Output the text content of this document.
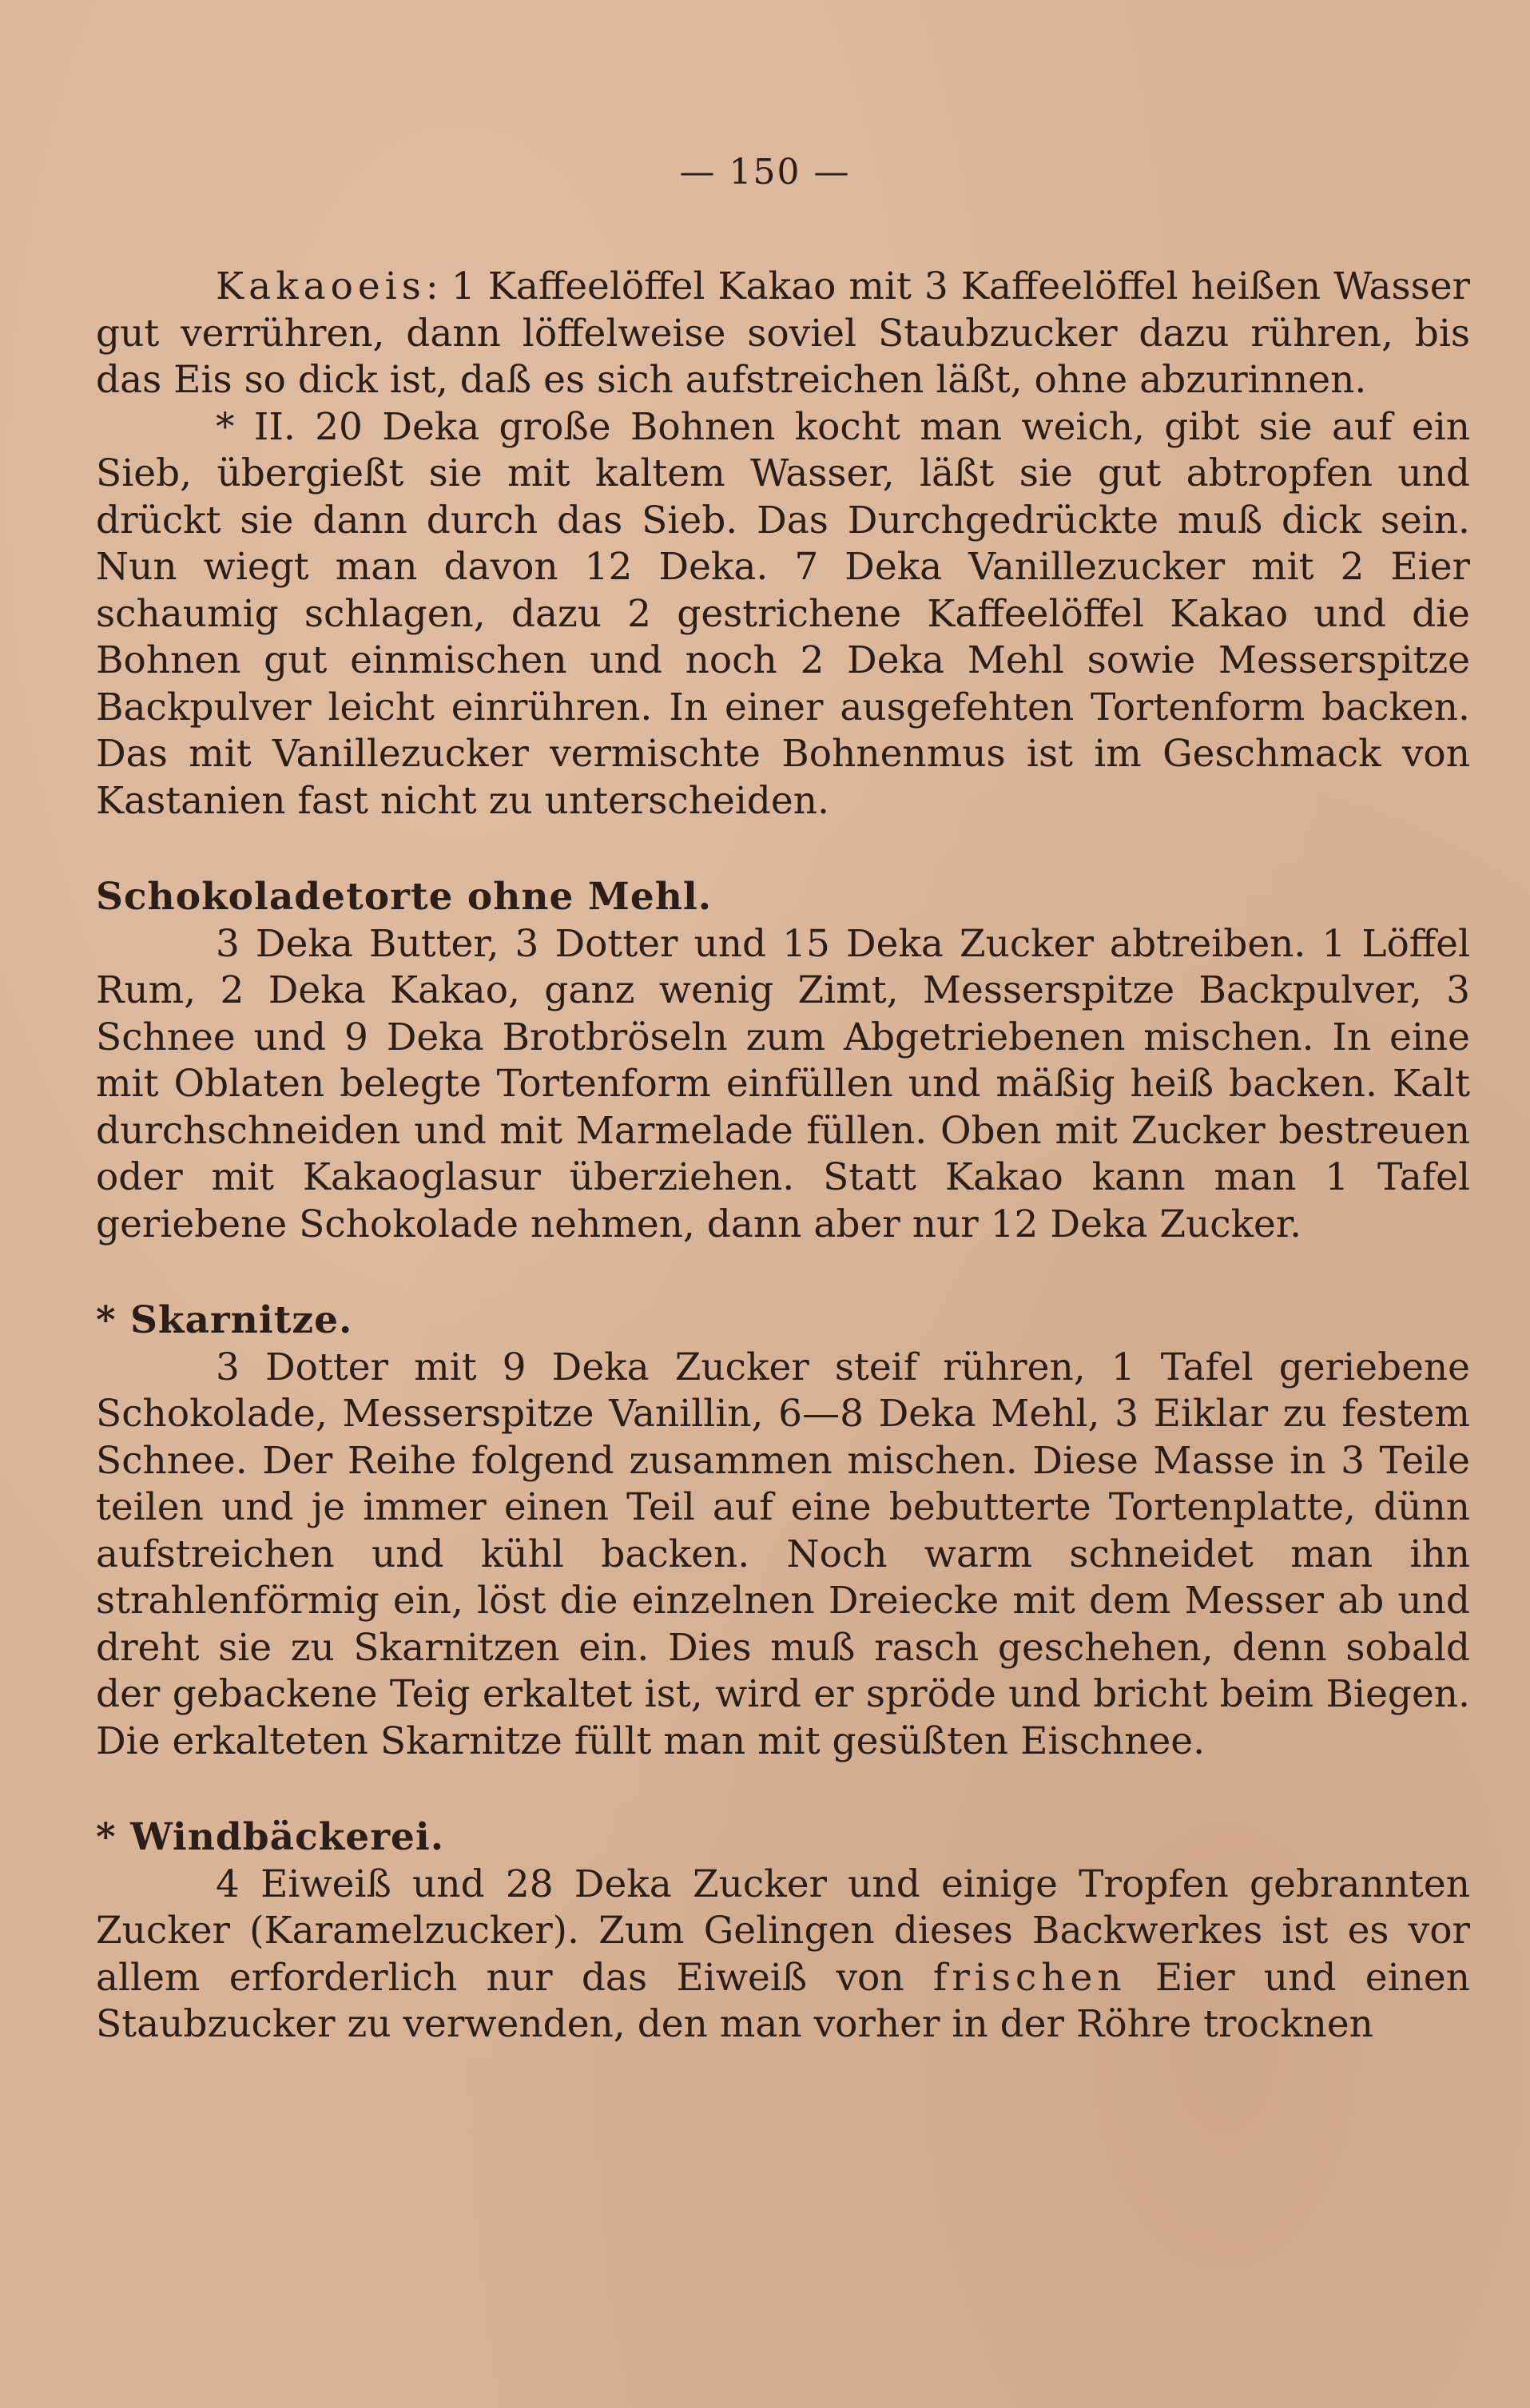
— 150 —

Kakaoeis: 1 Kaffeelöffel Kakao mit 3 Kaffeelöffel heißen Wasser gut verrühren, dann löffelweise soviel Staubzucker dazu rühren, bis das Eis so dick ist, daß es sich aufstreichen läßt, ohne abzurinnen.

* II. 20 Deka große Bohnen kocht man weich, gibt sie auf ein Sieb, übergießt sie mit kaltem Wasser, läßt sie gut abtropfen und drückt sie dann durch das Sieb. Das Durchgedrückte muß dick sein. Nun wiegt man davon 12 Deka. 7 Deka Vanillezucker mit 2 Eier schaumig schlagen, dazu 2 gestrichene Kaffeelöffel Kakao und die Bohnen gut einmischen und noch 2 Deka Mehl sowie Messerspitze Backpulver leicht einrühren. In einer ausgefehten Tortenform backen. Das mit Vanillezucker vermischte Bohnenmus ist im Geschmack von Kastanien fast nicht zu unterscheiden.

Schokoladetorte ohne Mehl.

3 Deka Butter, 3 Dotter und 15 Deka Zucker abtreiben. 1 Löffel Rum, 2 Deka Kakao, ganz wenig Zimt, Messerspitze Backpulver, 3 Schnee und 9 Deka Brotbröseln zum Abgetriebenen mischen. In eine mit Oblaten belegte Tortenform einfüllen und mäßig heiß backen. Kalt durchschneiden und mit Marmelade füllen. Oben mit Zucker bestreuen oder mit Kakaoglasur überziehen. Statt Kakao kann man 1 Tafel geriebene Schokolade nehmen, dann aber nur 12 Deka Zucker.

* Skarnitze.

3 Dotter mit 9 Deka Zucker steif rühren, 1 Tafel geriebene Schokolade, Messerspitze Vanillin, 6—8 Deka Mehl, 3 Eiklar zu festem Schnee. Der Reihe folgend zusammen mischen. Diese Masse in 3 Teile teilen und je immer einen Teil auf eine bebutterte Tortenplatte, dünn aufstreichen und kühl backen. Noch warm schneidet man ihn strahlenförmig ein, löst die einzelnen Dreiecke mit dem Messer ab und dreht sie zu Skarnitzen ein. Dies muß rasch geschehen, denn sobald der gebackene Teig erkaltet ist, wird er spröde und bricht beim Biegen. Die erkalteten Skarnitze füllt man mit gesüßten Eischnee.

* Windbäckerei.

4 Eiweiß und 28 Deka Zucker und einige Tropfen gebrannten Zucker (Karamelzucker). Zum Gelingen dieses Backwerkes ist es vor allem erforderlich nur das Eiweiß von frischen Eier und einen Staubzucker zu verwenden, den man vorher in der Röhre trocknen
